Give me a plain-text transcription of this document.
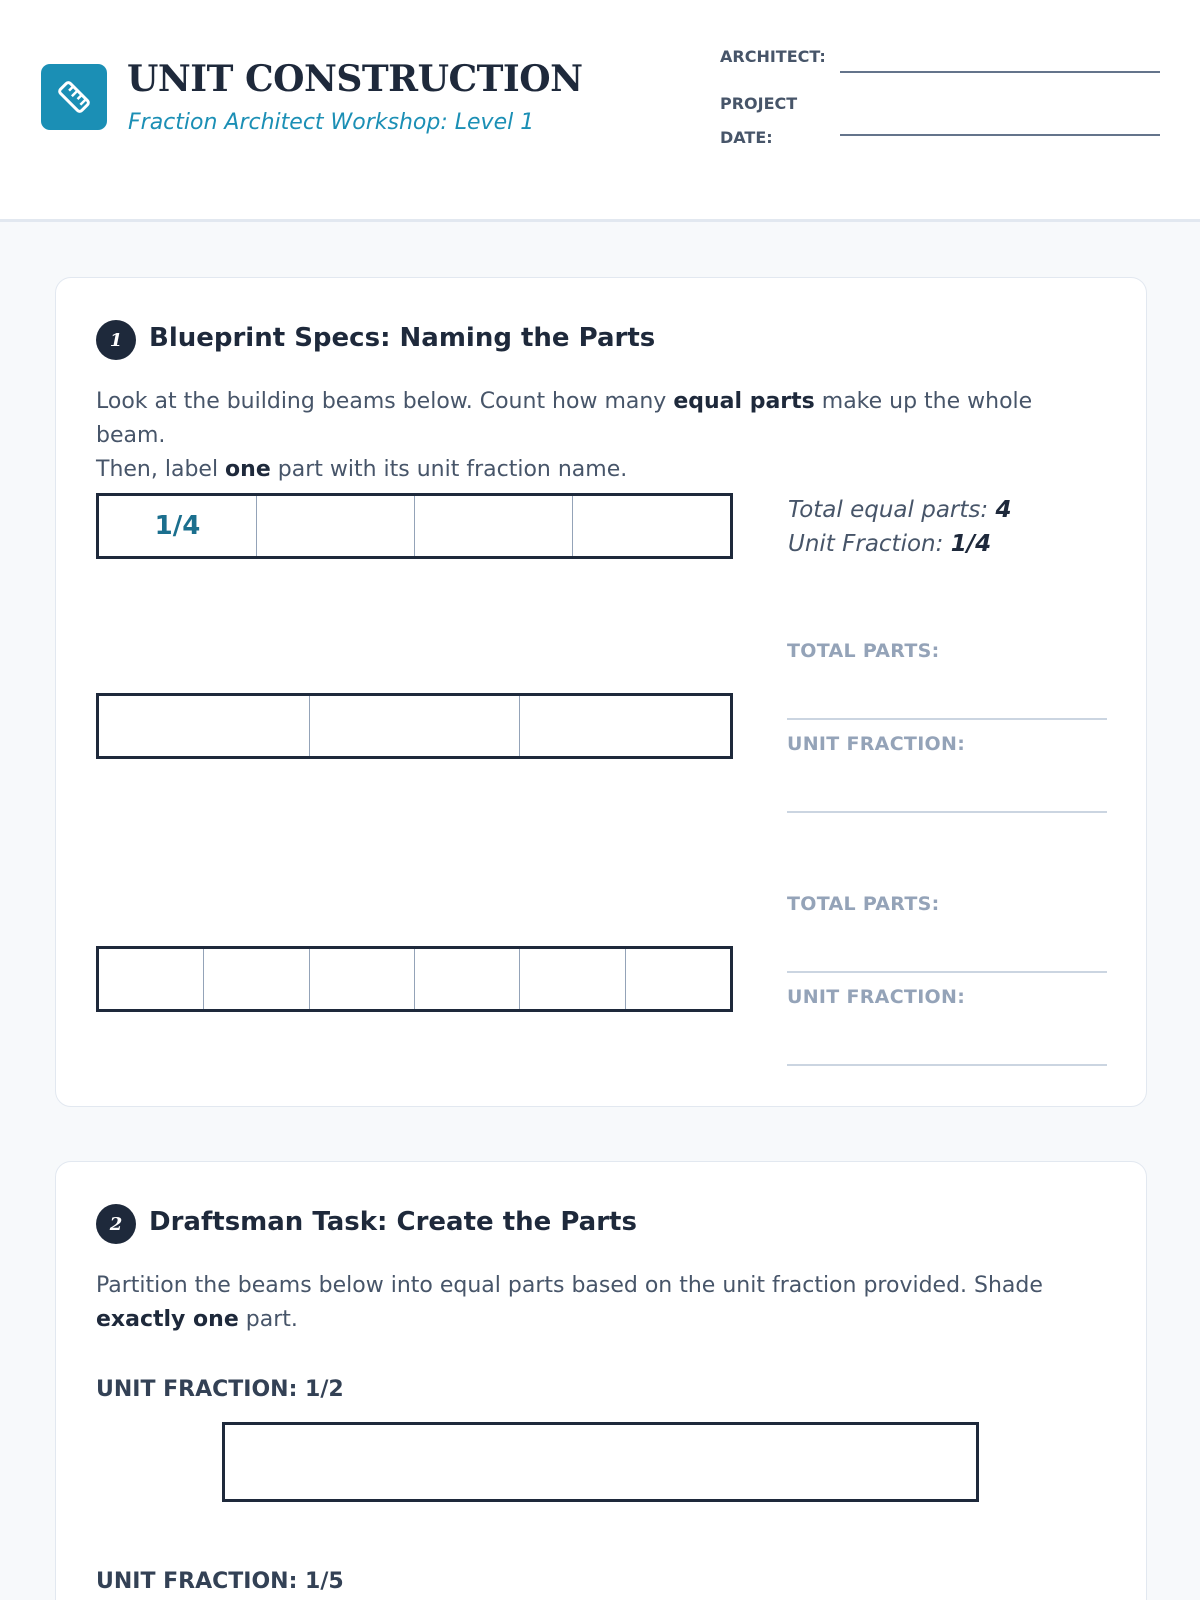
UNIT CONSTRUCTION
Fraction Architect Workshop: Level 1
ARCHITECT:
PROJECT
DATE:
1	Blueprint Specs: Naming the Parts
Look at the building beams below. Count how many equal parts make up the whole beam.
Then, label one part with its unit fraction name.
1/4
Total equal parts: 4
Unit Fraction: 1/4
TOTAL PARTS:
UNIT FRACTION:
TOTAL PARTS:
UNIT FRACTION:
2	Draftsman Task: Create the Parts
Partition the beams below into equal parts based on the unit fraction provided. Shade
exactly one part.
UNIT FRACTION: 1/2
UNIT FRACTION: 1/5
